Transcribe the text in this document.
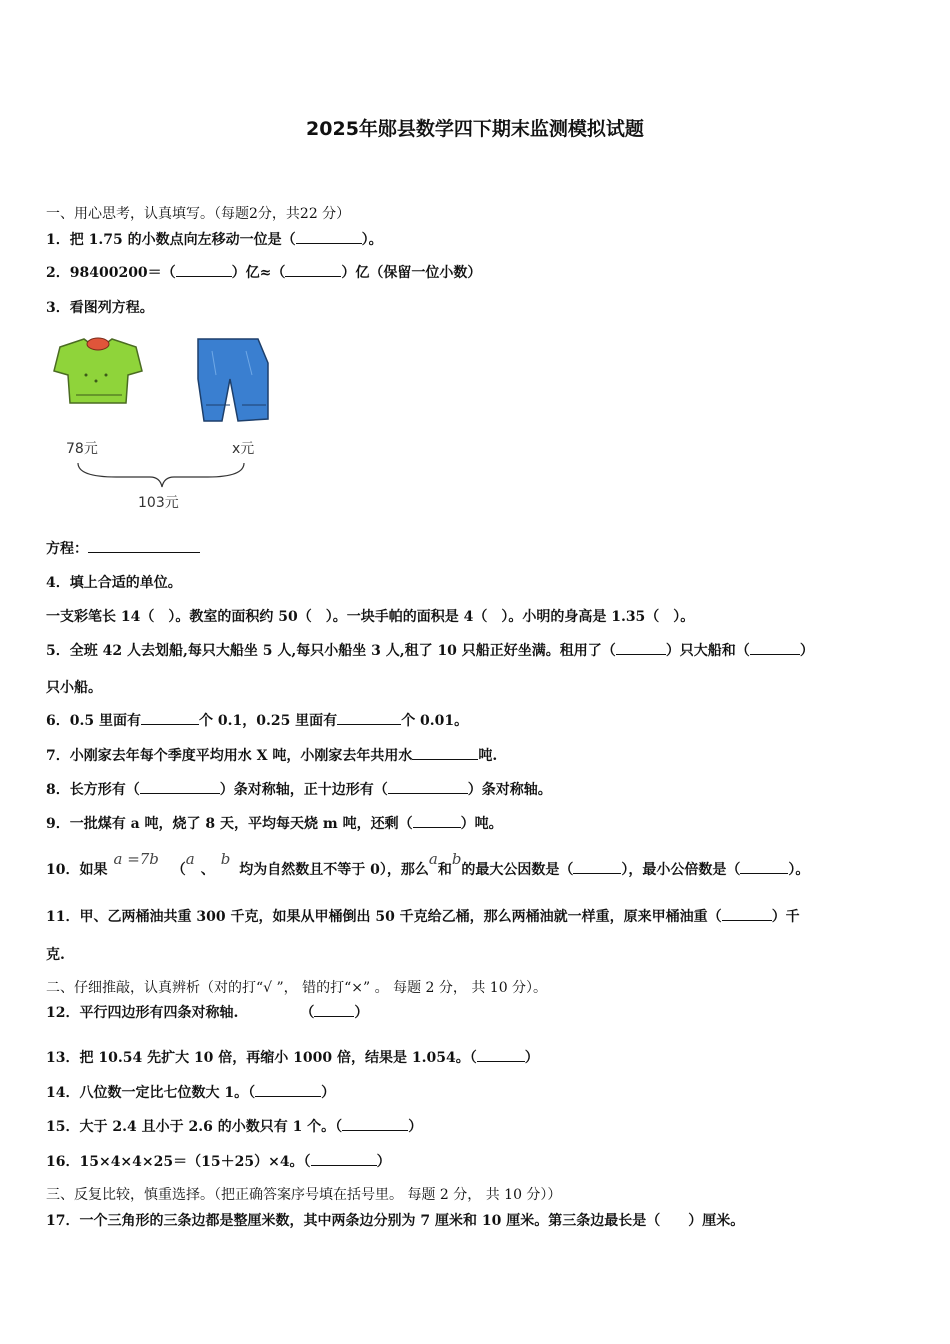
2025年郧县数学四下期末监测模拟试题
一、用心思考，认真填写。（每题2分，共22 分）
1．把 1.75 的小数点向左移动一位是（	）。
2．98400200＝（	）亿≈（	）亿（保留一位小数）
3．看图列方程。
78元	x元
103元
方程：
4．填上合适的单位。
一支彩笔长 14（　）。教室的面积约 50（　）。一块手帕的面积是 4（　）。小明的身高是 1.35（　）。
5．全班 42 人去划船,每只大船坐 5 人,每只小船坐 3 人,租了 10 只船正好坐满。租用了（	）只大船和（	）
只小船。
6．0.5 里面有	个 0.1，0.25 里面有	个 0.01。
7．小刚家去年每个季度平均用水 X 吨，小刚家去年共用水	吨.
8．长方形有（	）条对称轴，正十边形有（	）条对称轴。
9．一批煤有 a 吨，烧了 8 天，平均每天烧 m 吨，还剩（	）吨。
10．如果a =7b （a、b 均为自然数且不等于 0），那么a和b的最大公因数是（	），最小公倍数是（	）。
11．甲、乙两桶油共重 300 千克，如果从甲桶倒出 50 千克给乙桶，那么两桶油就一样重，原来甲桶油重（	）千
克.
二、仔细推敲，认真辨析（对的打“√ ”， 错的打“×” 。 每题 2 分， 共 10 分）。
12．平行四边形有四条对称轴.	（	）
13．把 10.54 先扩大 10 倍，再缩小 1000 倍，结果是 1.054。（	）
14．八位数一定比七位数大 1。（	）
15．大于 2.4 且小于 2.6 的小数只有 1 个。（	）
16．15×4×4×25＝（15＋25）×4。（	）
三、反复比较，慎重选择。（把正确答案序号填在括号里。 每题 2 分， 共 10 分））
17．一个三角形的三条边都是整厘米数，其中两条边分别为 7 厘米和 10 厘米。第三条边最长是（　　）厘米。
